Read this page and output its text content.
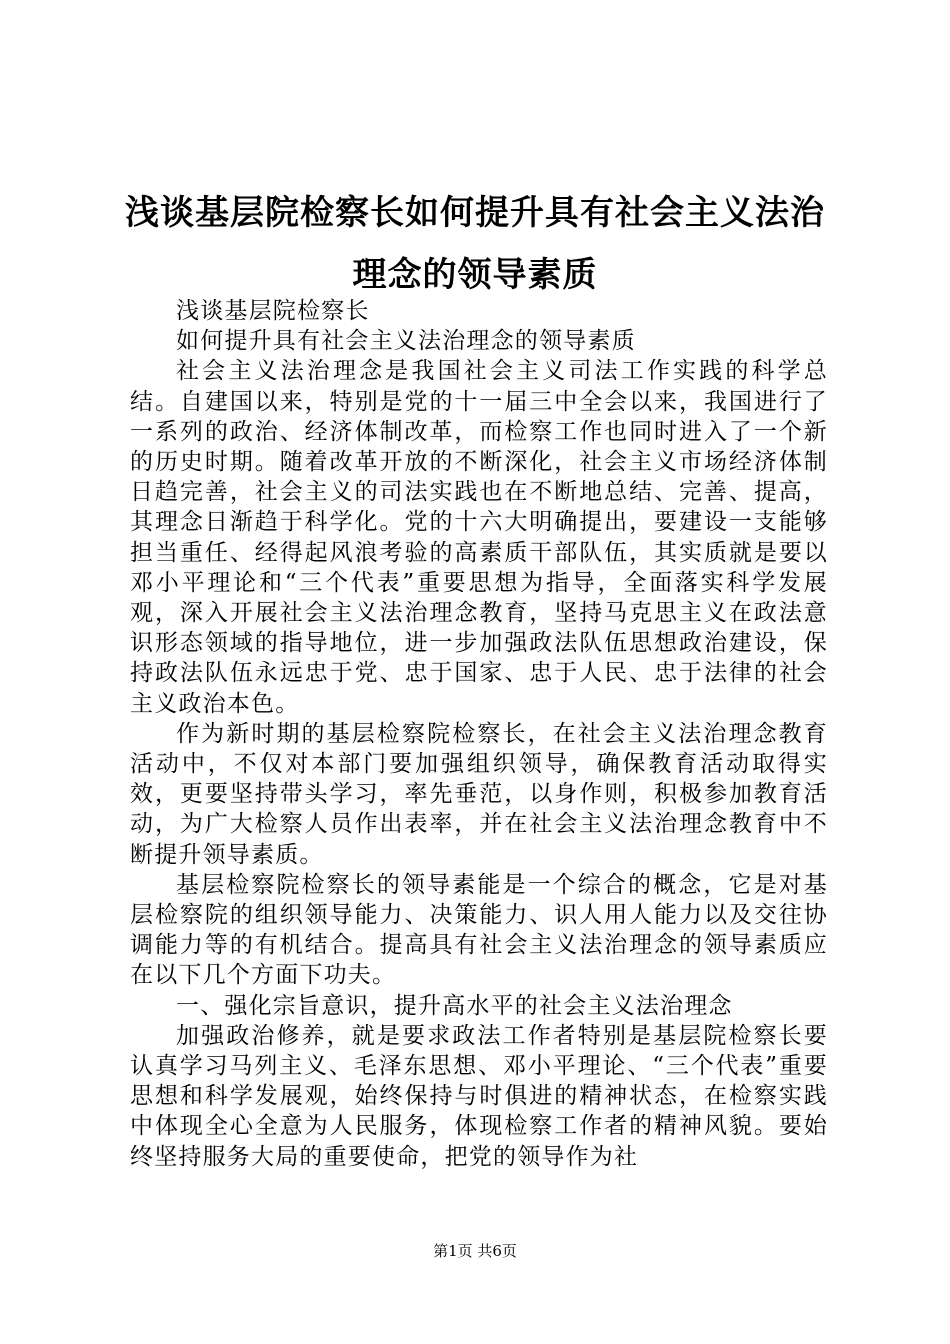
浅谈基层院检察长如何提升具有社会主义法治
理念的领导素质

浅谈基层院检察长

如何提升具有社会主义法治理念的领导素质

社会主义法治理念是我国社会主义司法工作实践的科学总结。自建国以来，特别是党的十一届三中全会以来，我国进行了一系列的政治、经济体制改革，而检察工作也同时进入了一个新的历史时期。随着改革开放的不断深化，社会主义市场经济体制日趋完善，社会主义的司法实践也在不断地总结、完善、提高，其理念日渐趋于科学化。党的十六大明确提出，要建设一支能够担当重任、经得起风浪考验的高素质干部队伍，其实质就是要以邓小平理论和“三个代表”重要思想为指导，全面落实科学发展观，深入开展社会主义法治理念教育，坚持马克思主义在政法意识形态领域的指导地位，进一步加强政法队伍思想政治建设，保持政法队伍永远忠于党、忠于国家、忠于人民、忠于法律的社会主义政治本色。

作为新时期的基层检察院检察长，在社会主义法治理念教育活动中，不仅对本部门要加强组织领导，确保教育活动取得实效，更要坚持带头学习，率先垂范，以身作则，积极参加教育活动，为广大检察人员作出表率，并在社会主义法治理念教育中不断提升领导素质。

基层检察院检察长的领导素能是一个综合的概念，它是对基层检察院的组织领导能力、决策能力、识人用人能力以及交往协调能力等的有机结合。提高具有社会主义法治理念的领导素质应在以下几个方面下功夫。

一、强化宗旨意识，提升高水平的社会主义法治理念

加强政治修养，就是要求政法工作者特别是基层院检察长要认真学习马列主义、毛泽东思想、邓小平理论、“三个代表”重要思想和科学发展观，始终保持与时俱进的精神状态，在检察实践中体现全心全意为人民服务，体现检察工作者的精神风貌。要始终坚持服务大局的重要使命，把党的领导作为社

第1页 共6页
